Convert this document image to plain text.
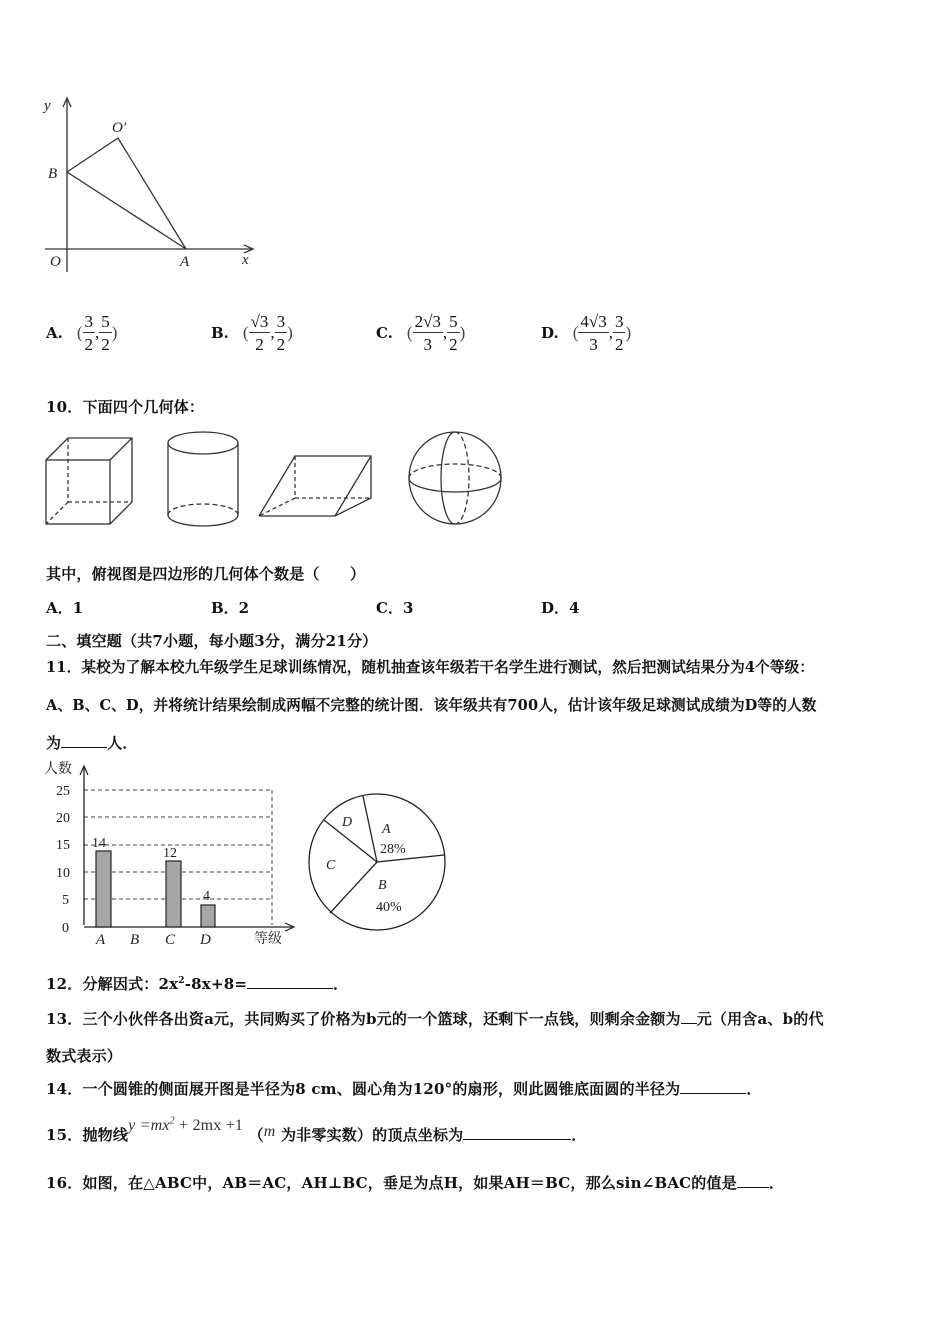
y
x
O	A
B
O′
A. ( $\frac{3}{2}$ , $\frac{5}{2}$ )	B. ( $\frac{√3}{2}$ , $\frac{3}{2}$ )	C. ( $\frac{2√3}{3}$ , $\frac{5}{2}$ )	D. ( $\frac{4√3}{3}$ , $\frac{3}{2}$ )
10．下面四个几何体：
其中，俯视图是四边形的几何体个数是（　　）
A．1	B．2	C．3	D．4
二、填空题（共7小题，每小题3分，满分21分）
11．某校为了解本校九年级学生足球训练情况，随机抽查该年级若干名学生进行测试，然后把测试结果分为4个等级：
A、B、C、D，并将统计结果绘制成两幅不完整的统计图．该年级共有700人，估计该年级足球测试成绩为D等的人数
为	人．
人数
等级
25
20
15
10
5
0
14
12
4
A B C D
A
28%
B
40%
C
D
12．分解因式：$2x^2-8x+8=$	．
13．三个小伙伴各出资a元，共同购买了价格为b元的一个篮球，还剩下一点钱，则剩余金额为 元（用含a、b的代
数式表示）
14．一个圆锥的侧面展开图是半径为8 cm、圆心角为120°的扇形，则此圆锥底面圆的半径为	．
15．抛物线$y =mx^2 + 2mx +1$ （m 为非零实数）的顶点坐标为	．
16．如图，在△ABC中，AB＝AC，AH⊥BC，垂足为点H，如果AH＝BC，那么sin∠BAC的值是 ．
